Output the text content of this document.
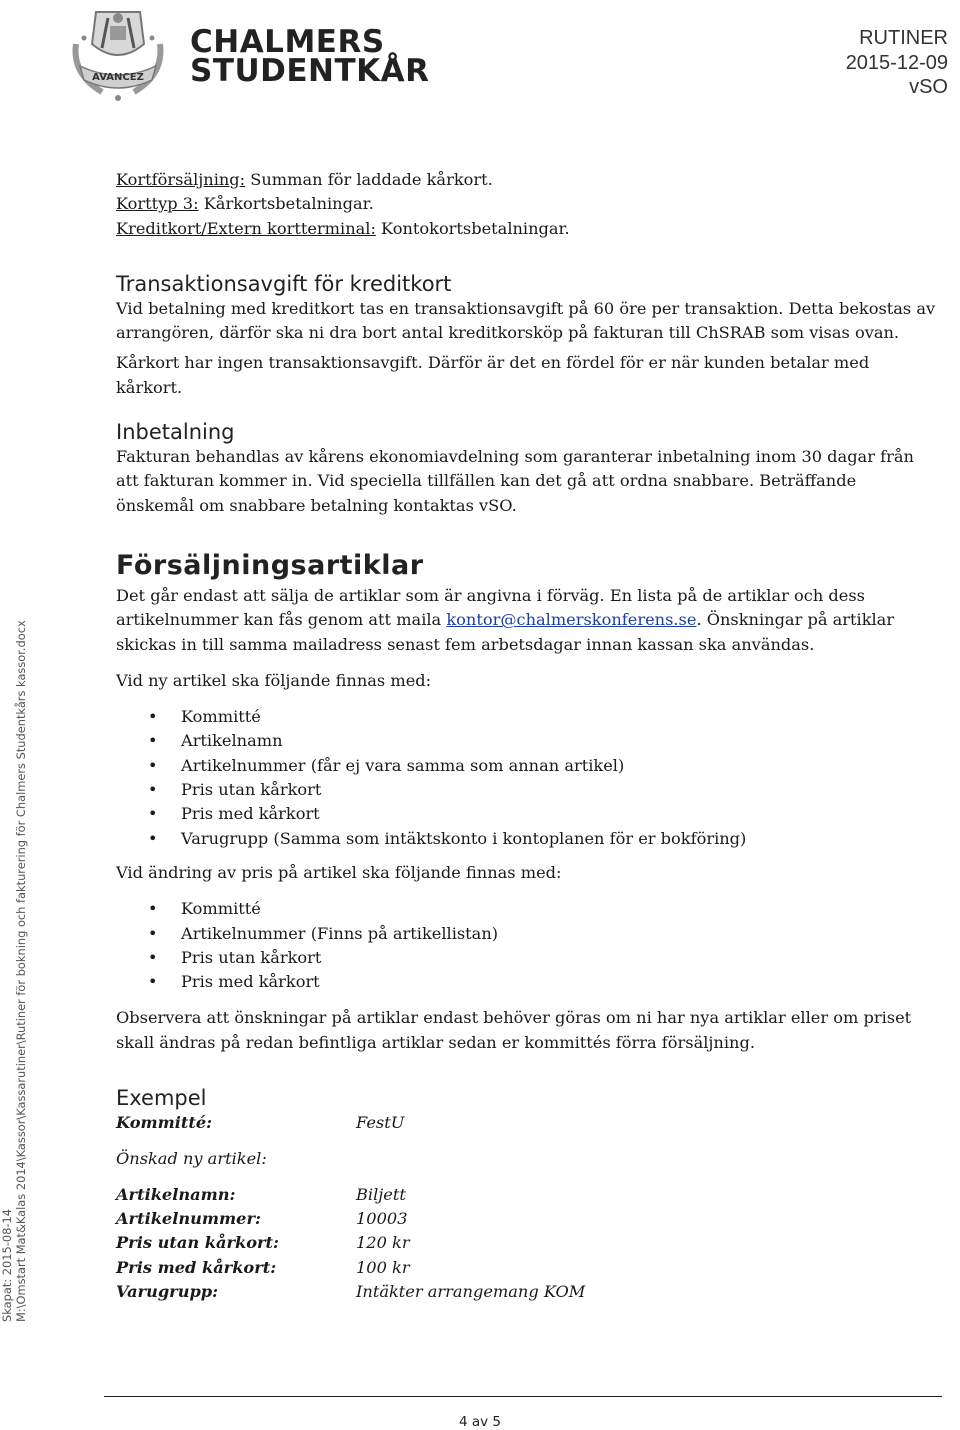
AVANCEZ
CHALMERS
STUDENTKÅR
RUTINER
2015-12-09
vSO

Kortförsäljning: Summan för laddade kårkort.

Korttyp 3: Kårkortsbetalningar.

Kreditkort/Extern kortterminal: Kontokortsbetalningar.

Transaktionsavgift för kreditkort

Vid betalning med kreditkort tas en transaktionsavgift på 60 öre per transaktion. Detta bekostas av arrangören, därför ska ni dra bort antal kreditkorsköp på fakturan till ChSRAB som visas ovan.

Kårkort har ingen transaktionsavgift. Därför är det en fördel för er när kunden betalar med kårkort.

Inbetalning

Fakturan behandlas av kårens ekonomiavdelning som garanterar inbetalning inom 30 dagar från att fakturan kommer in. Vid speciella tillfällen kan det gå att ordna snabbare. Beträffande önskemål om snabbare betalning kontaktas vSO.

Försäljningsartiklar

Det går endast att sälja de artiklar som är angivna i förväg. En lista på de artiklar och dess artikelnummer kan fås genom att maila kontor@chalmerskonferens.se. Önskningar på artiklar skickas in till samma mailadress senast fem arbetsdagar innan kassan ska användas.

Vid ny artikel ska följande finnas med:

• Kommitté
• Artikelnamn
• Artikelnummer (får ej vara samma som annan artikel)
• Pris utan kårkort
• Pris med kårkort
• Varugrupp (Samma som intäktskonto i kontoplanen för er bokföring)

Vid ändring av pris på artikel ska följande finnas med:

• Kommitté
• Artikelnummer (Finns på artikellistan)
• Pris utan kårkort
• Pris med kårkort

Observera att önskningar på artiklar endast behöver göras om ni har nya artiklar eller om priset skall ändras på redan befintliga artiklar sedan er kommittés förra försäljning.

Exempel
Kommitté:	FestU

Önskad ny artikel:

Artikelnamn:	Biljett
Artikelnummer:	10003
Pris utan kårkort:	120 kr
Pris med kårkort:	100 kr
Varugrupp:	Intäkter arrangemang KOM
Skapat: 2015-08-14 M:\Omstart Mat&Kalas 2014\Kassor\Kassarutiner\Rutiner för bokning och fakturering för Chalmers Studentkårs kassor.docx
4 av 5
